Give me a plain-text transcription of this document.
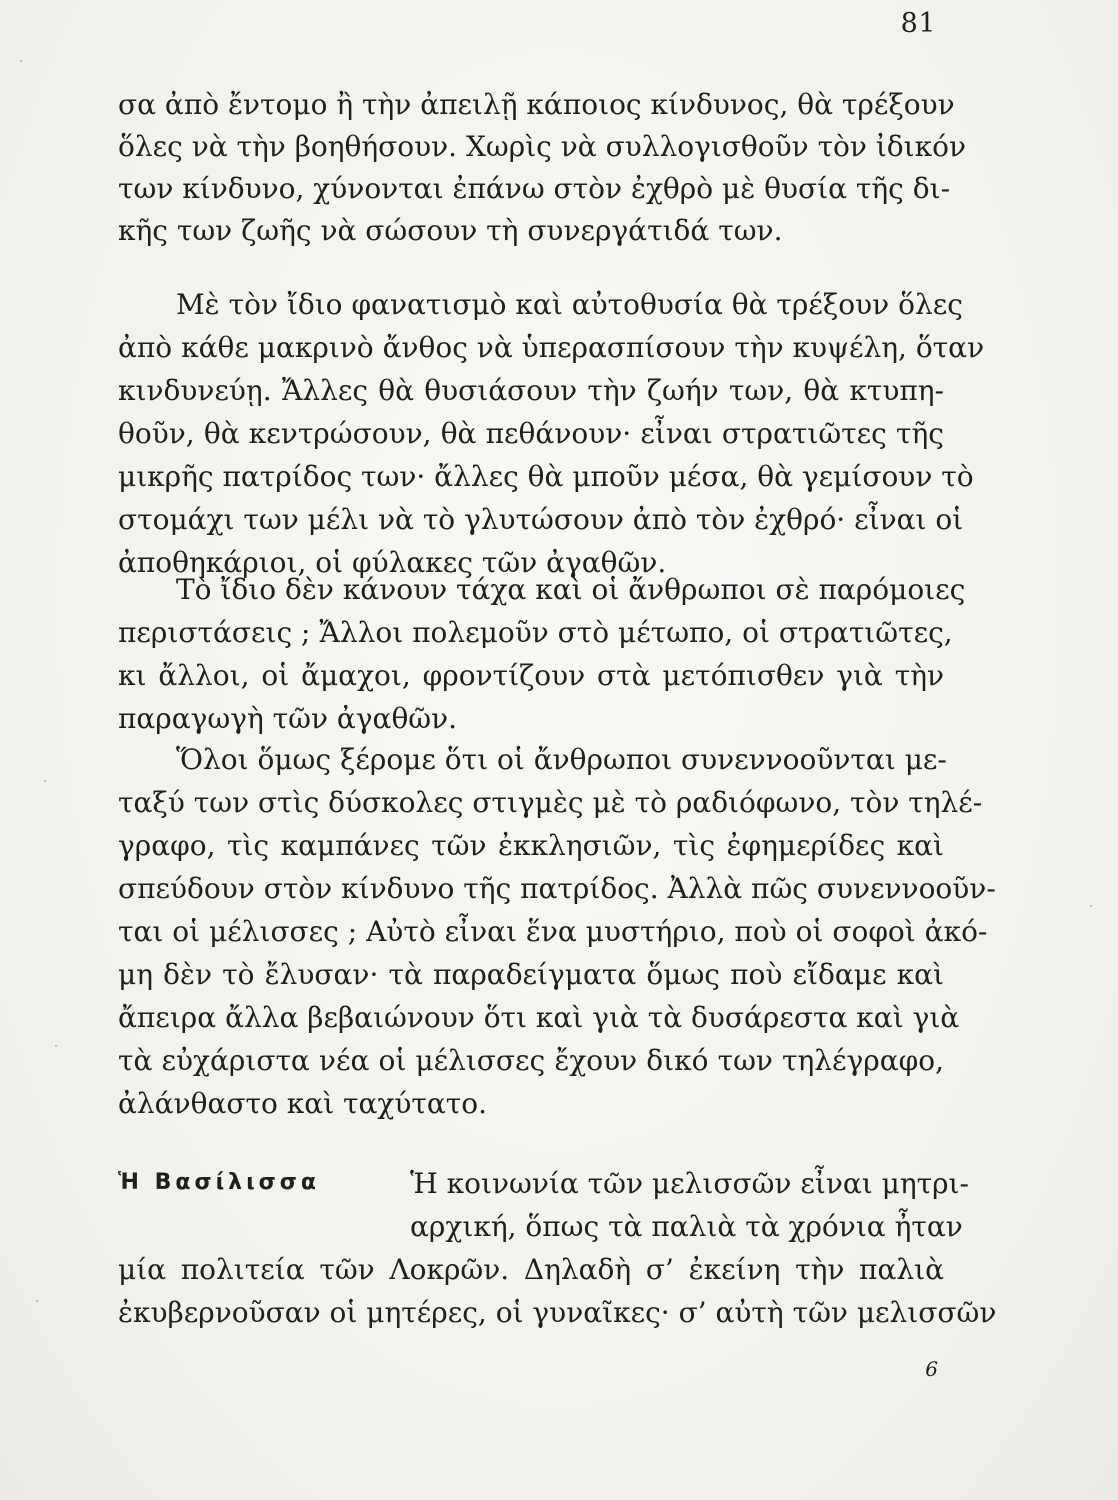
81
σα ἀπὸ ἔντομο ἢ τὴν ἀπειλῇ κάποιος κίνδυνος, θὰ τρέξουν
ὅλες νὰ τὴν βοηθήσουν. Χωρὶς νὰ συλλογισθοῦν τὸν ἰδικόν
των κίνδυνο, χύνονται ἐπάνω στὸν ἐχθρὸ μὲ θυσία τῆς δι-
κῆς των ζωῆς νὰ σώσουν τὴ συνεργάτιδά των.
Μὲ τὸν ἴδιο φανατισμὸ καὶ αὐτοθυσία θὰ τρέξουν ὅλες
ἀπὸ κάθε μακρινὸ ἄνθος νὰ ὑπερασπίσουν τὴν κυψέλη, ὅταν
κινδυνεύῃ. Ἄλλες θὰ θυσιάσουν τὴν ζωήν των, θὰ κτυπη-
θοῦν, θὰ κεντρώσουν, θὰ πεθάνουν· εἶναι στρατιῶτες τῆς
μικρῆς πατρίδος των· ἄλλες θὰ μποῦν μέσα, θὰ γεμίσουν τὸ
στομάχι των μέλι νὰ τὸ γλυτώσουν ἀπὸ τὸν ἐχθρό· εἶναι οἱ
ἀποθηκάριοι, οἱ φύλακες τῶν ἀγαθῶν.
Τὸ ἴδιο δὲν κάνουν τάχα καὶ οἱ ἄνθρωποι σὲ παρόμοιες
περιστάσεις ; Ἄλλοι πολεμοῦν στὸ μέτωπο, οἱ στρατιῶτες,
κι ἄλλοι, οἱ ἄμαχοι, φροντίζουν στὰ μετόπισθεν γιὰ τὴν
παραγωγὴ τῶν ἀγαθῶν.
Ὅλοι ὅμως ξέρομε ὅτι οἱ ἄνθρωποι συνεννοοῦνται με-
ταξύ των στὶς δύσκολες στιγμὲς μὲ τὸ ραδιόφωνο, τὸν τηλέ-
γραφο, τὶς καμπάνες τῶν ἐκκλησιῶν, τὶς ἐφημερίδες καὶ
σπεύδουν στὸν κίνδυνο τῆς πατρίδος. Ἀλλὰ πῶς συνεννοοῦν-
ται οἱ μέλισσες ; Αὐτὸ εἶναι ἕνα μυστήριο, ποὺ οἱ σοφοὶ ἀκό-
μη δὲν τὸ ἔλυσαν· τὰ παραδείγματα ὅμως ποὺ εἴδαμε καὶ
ἄπειρα ἄλλα βεβαιώνουν ὅτι καὶ γιὰ τὰ δυσάρεστα καὶ γιὰ
τὰ εὐχάριστα νέα οἱ μέλισσες ἔχουν δικό των τηλέγραφο,
ἀλάνθαστο καὶ ταχύτατο.
Ἡ Βασίλισσα	Ἡ κοινωνία τῶν μελισσῶν εἶναι μητρι-
αρχική, ὅπως τὰ παλιὰ τὰ χρόνια ἦταν
μία πολιτεία τῶν Λοκρῶν. Δηλαδὴ σ’ ἐκείνη τὴν παλιὰ
ἐκυβερνοῦσαν οἱ μητέρες, οἱ γυναῖκες· σ’ αὐτὴ τῶν μελισσῶν
6
